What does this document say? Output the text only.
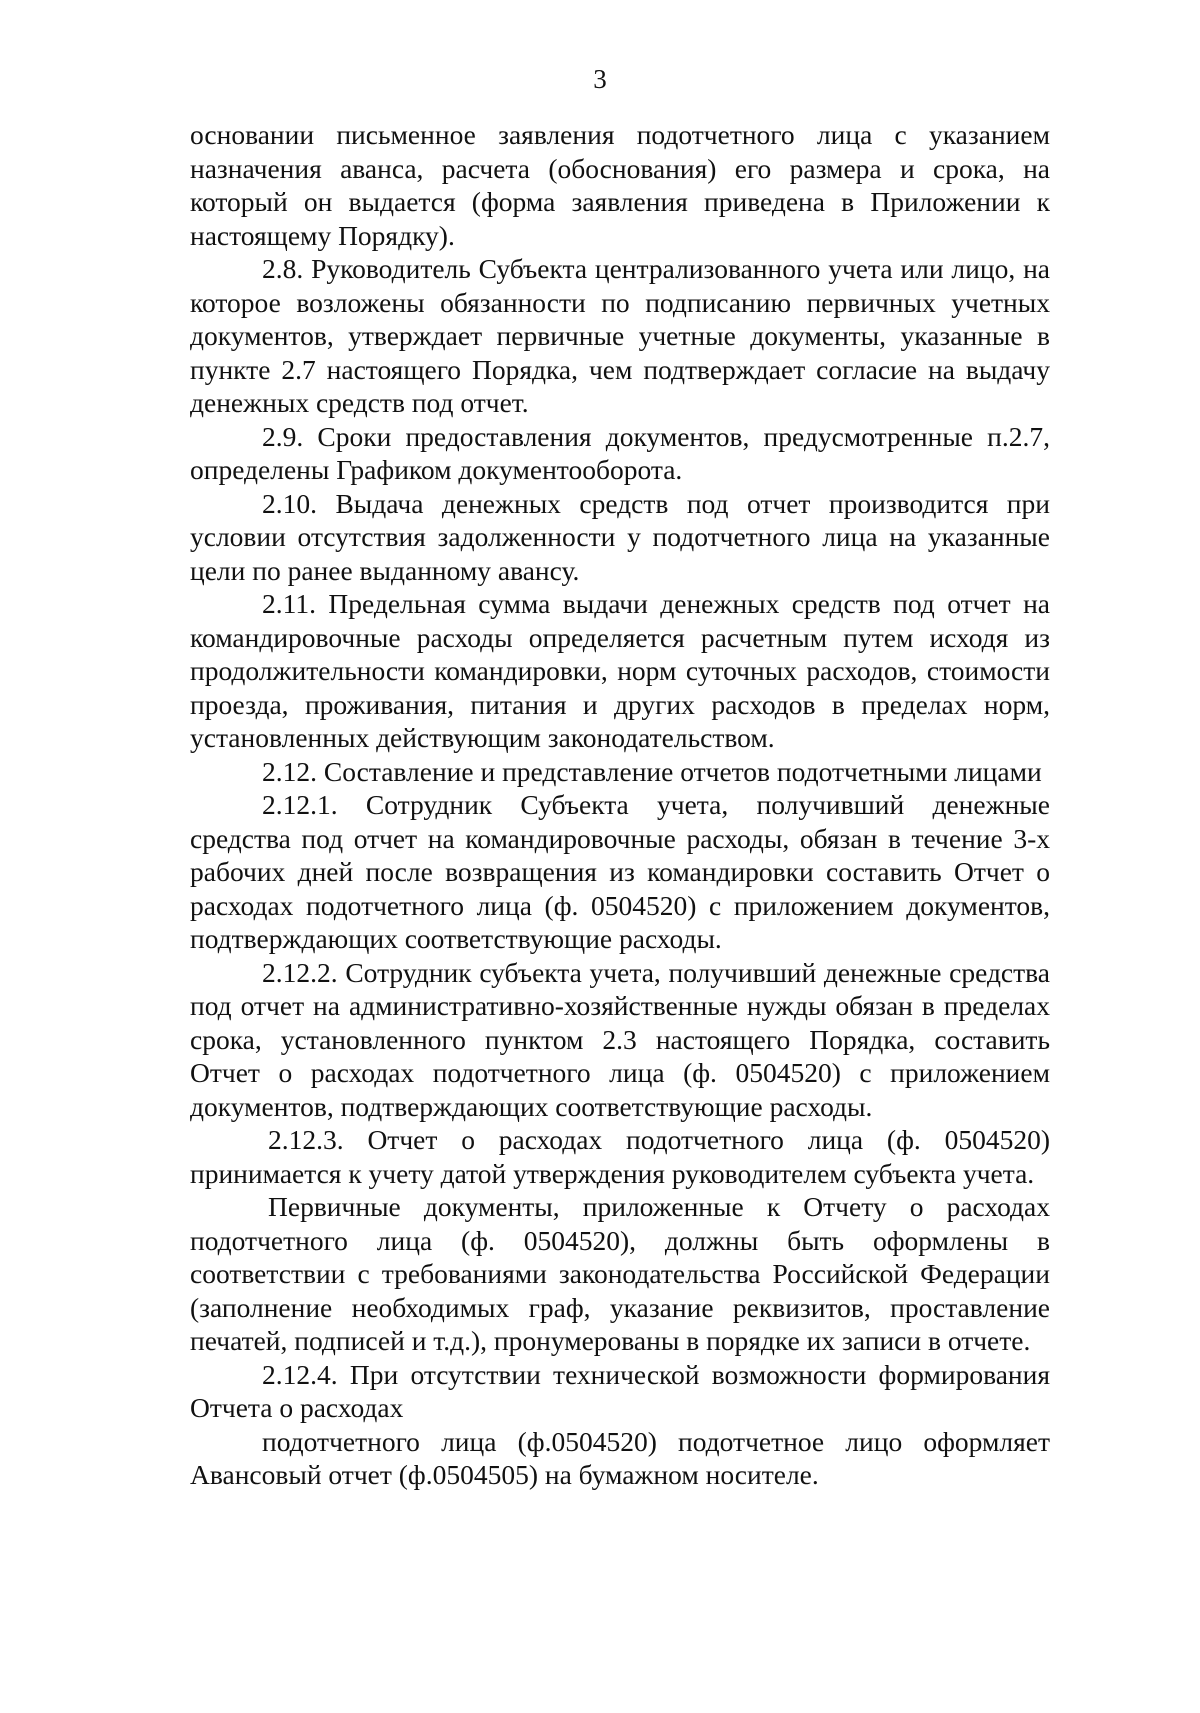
3

основании письменное заявления подотчетного лица с указанием назначения аванса, расчета (обоснования) его размера и срока, на который он выдается (форма заявления приведена в Приложении к настоящему Порядку).

2.8. Руководитель Субъекта централизованного учета или лицо, на которое возложены обязанности по подписанию первичных учетных документов, утверждает первичные учетные документы, указанные в пункте 2.7 настоящего Порядка, чем подтверждает согласие на выдачу денежных средств под отчет.

2.9. Сроки предоставления документов, предусмотренные п.2.7, определены Графиком документооборота.

2.10. Выдача денежных средств под отчет производится при условии отсутствия задолженности у подотчетного лица на указанные цели по ранее выданному авансу.

2.11. Предельная сумма выдачи денежных средств под отчет на командировочные расходы определяется расчетным путем исходя из продолжительности командировки, норм суточных расходов, стоимости проезда, проживания, питания и других расходов в пределах норм, установленных действующим законодательством.

2.12. Составление и представление отчетов подотчетными лицами

2.12.1. Сотрудник Субъекта учета, получивший денежные средства под отчет на командировочные расходы, обязан в течение 3-х рабочих дней после возвращения из командировки составить Отчет о расходах подотчетного лица (ф. 0504520) с приложением документов, подтверждающих соответствующие расходы.

2.12.2. Сотрудник субъекта учета, получивший денежные средства под отчет на административно-хозяйственные нужды обязан в пределах срока, установленного пунктом 2.3 настоящего Порядка, составить Отчет о расходах подотчетного лица (ф. 0504520) с приложением документов, подтверждающих соответствующие расходы.

2.12.3. Отчет о расходах подотчетного лица (ф. 0504520) принимается к учету датой утверждения руководителем субъекта учета.

Первичные документы, приложенные к Отчету о расходах подотчетного лица (ф. 0504520), должны быть оформлены в соответствии с требованиями законодательства Российской Федерации (заполнение необходимых граф, указание реквизитов, проставление печатей, подписей и т.д.), пронумерованы в порядке их записи в отчете.

2.12.4. При отсутствии технической возможности формирования Отчета о расходах

подотчетного лица (ф.0504520) подотчетное лицо оформляет Авансовый отчет (ф.0504505) на бумажном носителе.
